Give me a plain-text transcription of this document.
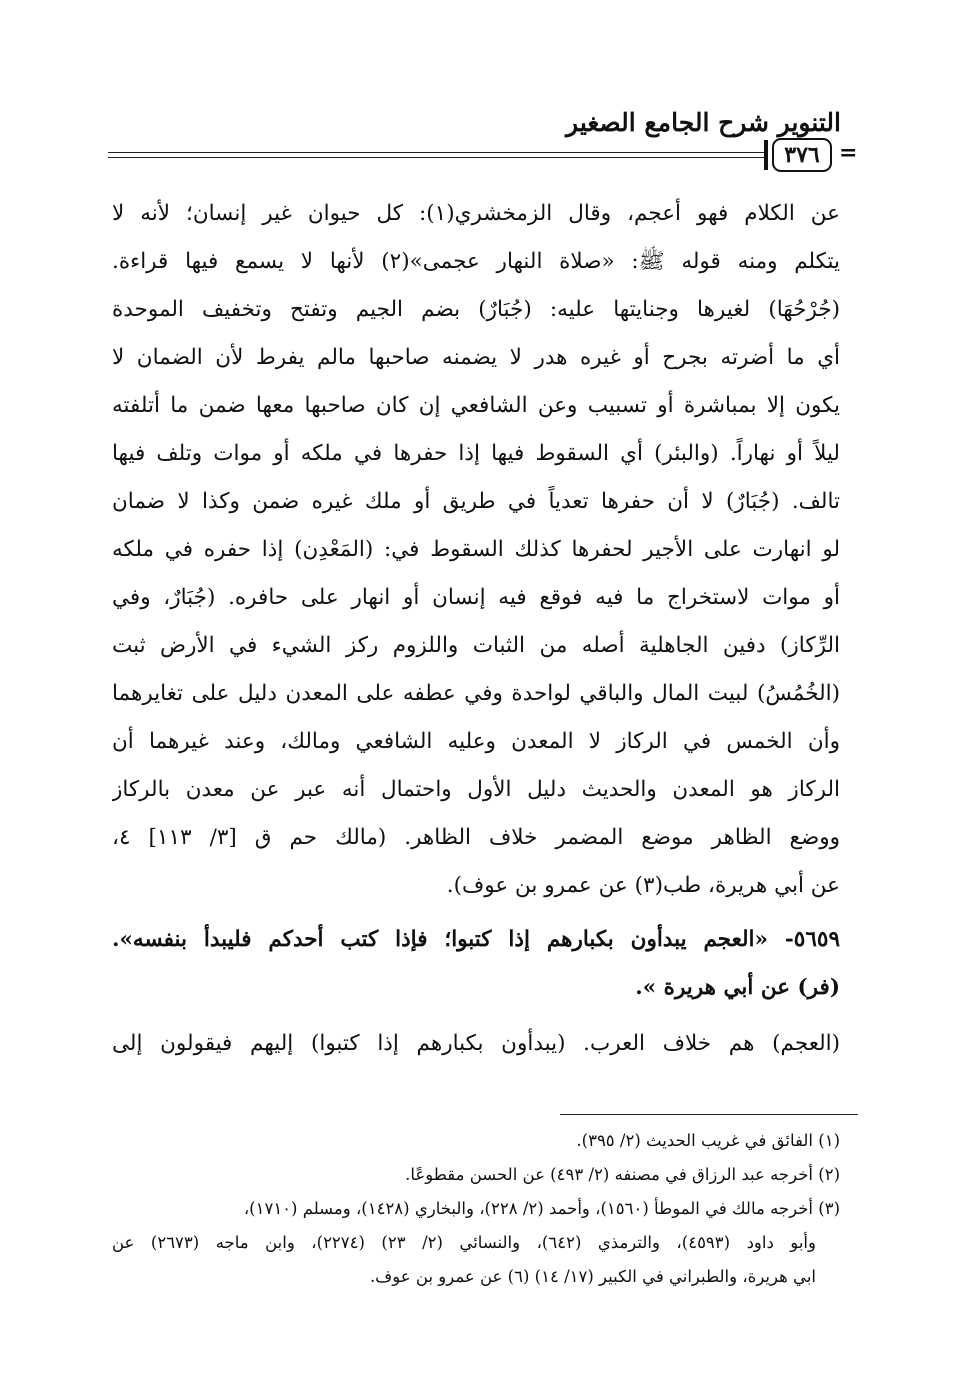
التنوير شرح الجامع الصغير
٣٧٦ =
عن الكلام فهو أعجم، وقال الزمخشري(١): كل حيوان غير إنسان؛ لأنه لا
يتكلم ومنه قوله ﷺ: «صلاة النهار عجمى»(٢) لأنها لا يسمع فيها قراءة.
(جُرْحُهَا) لغيرها وجنايتها عليه: (جُبَارٌ) بضم الجيم وتفتح وتخفيف الموحدة
أي ما أضرته بجرح أو غيره هدر لا يضمنه صاحبها مالم يفرط لأن الضمان لا
يكون إلا بمباشرة أو تسبيب وعن الشافعي إن كان صاحبها معها ضمن ما أتلفته
ليلاً أو نهاراً. (والبئر) أي السقوط فيها إذا حفرها في ملكه أو موات وتلف فيها
تالف. (جُبَارٌ) لا أن حفرها تعدياً في طريق أو ملك غيره ضمن وكذا لا ضمان
لو انهارت على الأجير لحفرها كذلك السقوط في: (المَعْدِن) إذا حفره في ملكه
أو موات لاستخراج ما فيه فوقع فيه إنسان أو انهار على حافره. (جُبَارٌ، وفي
الرِّكاز) دفين الجاهلية أصله من الثبات واللزوم ركز الشيء في الأرض ثبت
(الخُمُسُ) لبيت المال والباقي لواحدة وفي عطفه على المعدن دليل على تغايرهما
وأن الخمس في الركاز لا المعدن وعليه الشافعي ومالك، وعند غيرهما أن
الركاز هو المعدن والحديث دليل الأول واحتمال أنه عبر عن معدن بالركاز
ووضع الظاهر موضع المضمر خلاف الظاهر. (مالك حم ق [٣/ ١١٣] ٤،
عن أبي هريرة، طب(٣) عن عمرو بن عوف).
٥٦٥٩- «العجم يبدأون بكبارهم إذا كتبوا؛ فإذا كتب أحدكم فليبدأ بنفسه».
(فر) عن أبي هريرة ».
(العجم) هم خلاف العرب. (يبدأون بكبارهم إذا كتبوا) إليهم فيقولون إلى
(١) الفائق في غريب الحديث (٢/ ٣٩٥).
(٢) أخرجه عبد الرزاق في مصنفه (٢/ ٤٩٣) عن الحسن مقطوعًا.
(٣) أخرجه مالك في الموطأ (١٥٦٠)، وأحمد (٢/ ٢٢٨)، والبخاري (١٤٢٨)، ومسلم (١٧١٠)،
وأبو داود (٤٥٩٣)، والترمذي (٦٤٢)، والنسائي (٢/ ٢٣) (٢٢٧٤)، وابن ماجه (٢٦٧٣) عن
ابي هريرة، والطبراني في الكبير (١٧/ ١٤) (٦) عن عمرو بن عوف.
